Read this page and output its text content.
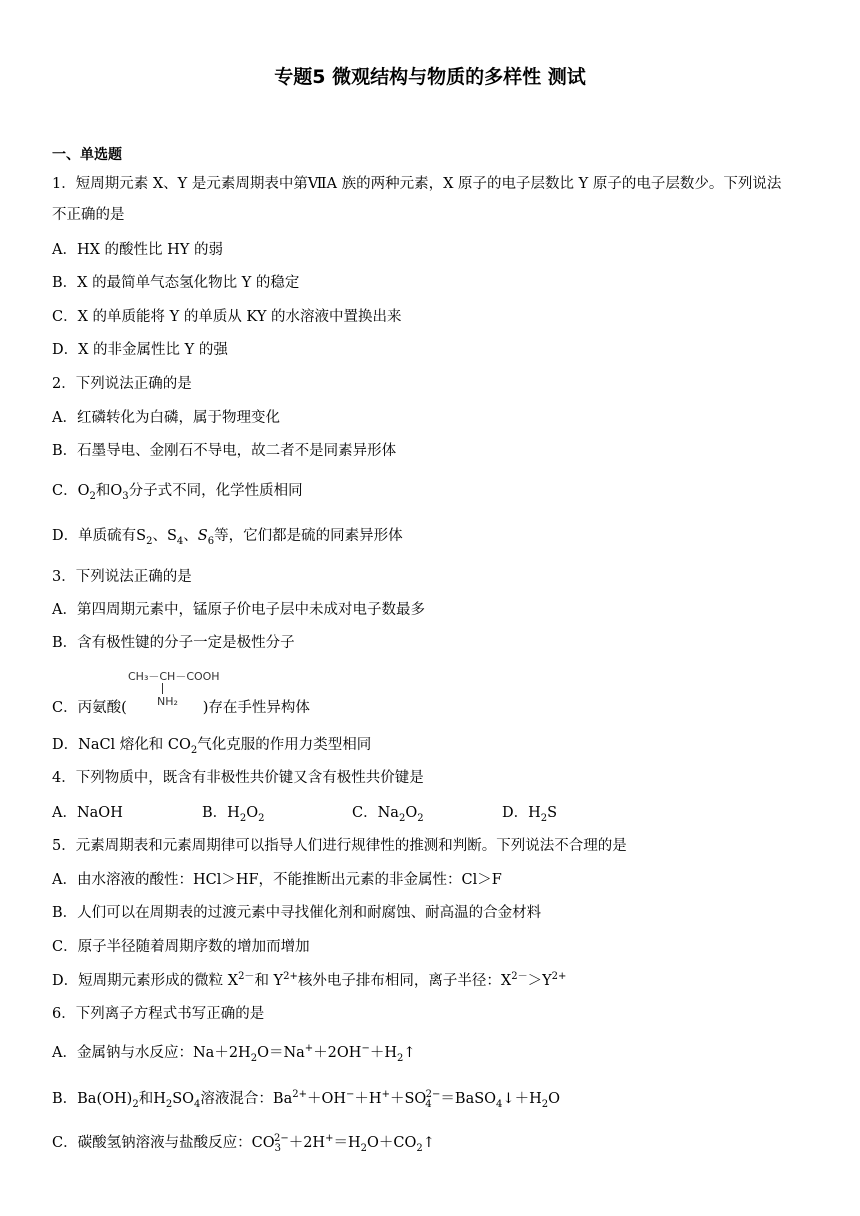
专题5 微观结构与物质的多样性 测试
一、单选题
1．短周期元素 X、Y 是元素周期表中第ⅦA 族的两种元素，X 原子的电子层数比 Y 原子的电子层数少。下列说法
不正确的是
A．HX 的酸性比 HY 的弱
B．X 的最简单气态氢化物比 Y 的稳定
C．X 的单质能将 Y 的单质从 KY 的水溶液中置换出来
D．X 的非金属性比 Y 的强
2．下列说法正确的是
A．红磷转化为白磷，属于物理变化
B．石墨导电、金刚石不导电，故二者不是同素异形体
C．$O_2$和$O_3$分子式不同，化学性质相同
D．单质硫有$S_2$、$S_4$、$S_6$等，它们都是硫的同素异形体
3．下列说法正确的是
A．第四周期元素中，锰原子价电子层中未成对电子数最多
B．含有极性键的分子一定是极性分子
CH₃－CH－COOH
NH₂
C．丙氨酸(	)存在手性异构体
D．NaCl 熔化和 $CO_2$气化克服的作用力类型相同
4．下列物质中，既含有非极性共价键又含有极性共价键是
A．NaOH	B．$H_2O_2$	C．$Na_2O_2$	D．$H_2S$
5．元素周期表和元素周期律可以指导人们进行规律性的推测和判断。下列说法不合理的是
A．由水溶液的酸性：HCl＞HF，不能推断出元素的非金属性：Cl＞F
B．人们可以在周期表的过渡元素中寻找催化剂和耐腐蚀、耐高温的合金材料
C．原子半径随着周期序数的增加而增加
D．短周期元素形成的微粒 $X^{2-}$和 $Y^{2+}$核外电子排布相同，离子半径：$X^{2-}>Y^{2+}$
6．下列离子方程式书写正确的是
A．金属钠与水反应：$Na+2H_2O=Na^++2OH^-+H_2↑$
B．$Ba(OH)_2$和$H_2SO_4$溶液混合：$Ba^{2+}+OH^-+H^++SO_4^{2-}=BaSO_4↓+H_2O$
C．碳酸氢钠溶液与盐酸反应：$CO_3^{2-}+2H^+=H_2O+CO_2↑$
